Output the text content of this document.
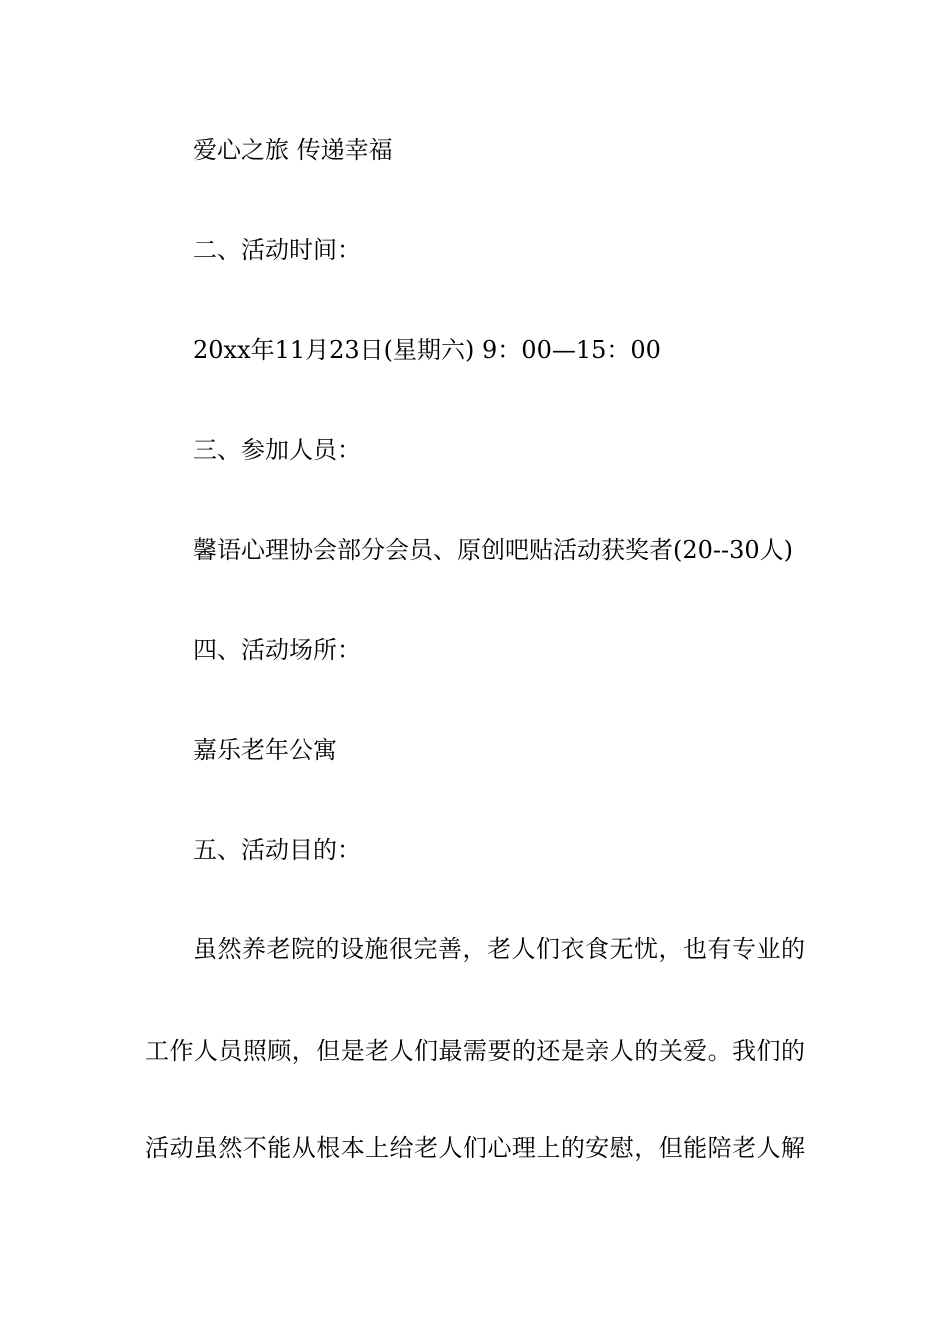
爱心之旅 传递幸福
二、活动时间：
20xx年11月23日(星期六) 9：00—15：00
三、参加人员：
馨语心理协会部分会员、原创吧贴活动获奖者(20--30人)
四、活动场所：
嘉乐老年公寓
五、活动目的：
虽然养老院的设施很完善，老人们衣食无忧，也有专业的
工作人员照顾，但是老人们最需要的还是亲人的关爱。我们的
活动虽然不能从根本上给老人们心理上的安慰，但能陪老人解
